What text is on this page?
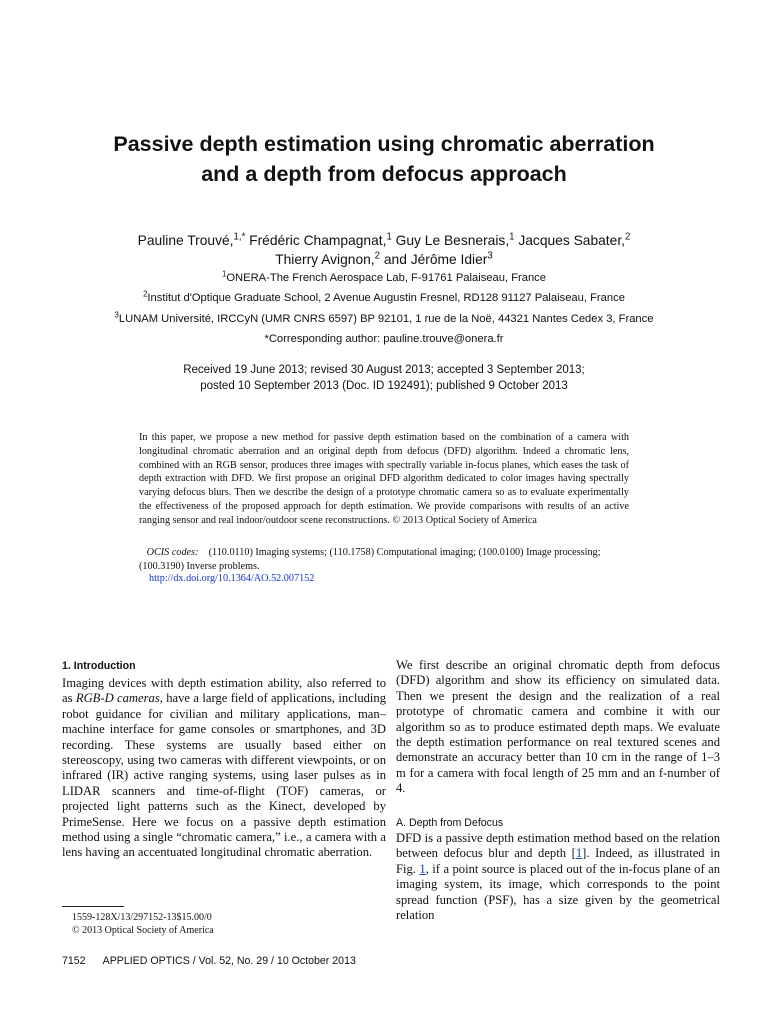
Passive depth estimation using chromatic aberration
and a depth from defocus approach
Pauline Trouvé,$^{1,*}$ Frédéric Champagnat,$^1$ Guy Le Besnerais,$^1$ Jacques Sabater,$^2$
Thierry Avignon,$^2$ and Jérôme Idier$^3$
$^1$ONERA-The French Aerospace Lab, F-91761 Palaiseau, France
$^2$Institut d'Optique Graduate School, 2 Avenue Augustin Fresnel, RD128 91127 Palaiseau, France
$^3$LUNAM Université, IRCCyN (UMR CNRS 6597) BP 92101, 1 rue de la Noë, 44321 Nantes Cedex 3, France
*Corresponding author: pauline.trouve@onera.fr
Received 19 June 2013; revised 30 August 2013; accepted 3 September 2013;
posted 10 September 2013 (Doc. ID 192491); published 9 October 2013
In this paper, we propose a new method for passive depth estimation based on the combination of a camera with longitudinal chromatic aberration and an original depth from defocus (DFD) algorithm. Indeed a chromatic lens, combined with an RGB sensor, produces three images with spectrally variable in-focus planes, which eases the task of depth extraction with DFD. We first propose an original DFD algorithm dedicated to color images having spectrally varying defocus blurs. Then we describe the design of a prototype chromatic camera so as to evaluate experimentally the effectiveness of the proposed approach for depth estimation. We provide comparisons with results of an active ranging sensor and real indoor/outdoor scene reconstructions. © 2013 Optical Society of America
OCIS codes: (110.0110) Imaging systems; (110.1758) Computational imaging; (100.0100) Image processing; (100.3190) Inverse problems.
http://dx.doi.org/10.1364/AO.52.007152
1. Introduction
Imaging devices with depth estimation ability, also referred to as RGB-D cameras, have a large field of applications, including robot guidance for civilian and military applications, man–machine interface for game consoles or smartphones, and 3D recording. These systems are usually based either on stereoscopy, using two cameras with different viewpoints, or on infrared (IR) active ranging systems, using laser pulses as in LIDAR scanners and time-of-flight (TOF) cameras, or projected light patterns such as the Kinect, developed by PrimeSense. Here we focus on a passive depth estimation method using a single “chromatic camera,” i.e., a camera with a lens having an accentuated longitudinal chromatic aberration.
We first describe an original chromatic depth from defocus (DFD) algorithm and show its efficiency on simulated data. Then we present the design and the realization of a real prototype of chromatic camera and combine it with our algorithm so as to produce estimated depth maps. We evaluate the depth estimation performance on real textured scenes and demonstrate an accuracy better than 10 cm in the range of 1–3 m for a camera with focal length of 25 mm and an f-number of 4.
A. Depth from Defocus
DFD is a passive depth estimation method based on the relation between defocus blur and depth [1]. Indeed, as illustrated in Fig. 1, if a point source is placed out of the in-focus plane of an imaging system, its image, which corresponds to the point spread function (PSF), has a size given by the geometrical relation
1559-128X/13/297152-13$15.00/0
© 2013 Optical Society of America
7152      APPLIED OPTICS / Vol. 52, No. 29 / 10 October 2013
